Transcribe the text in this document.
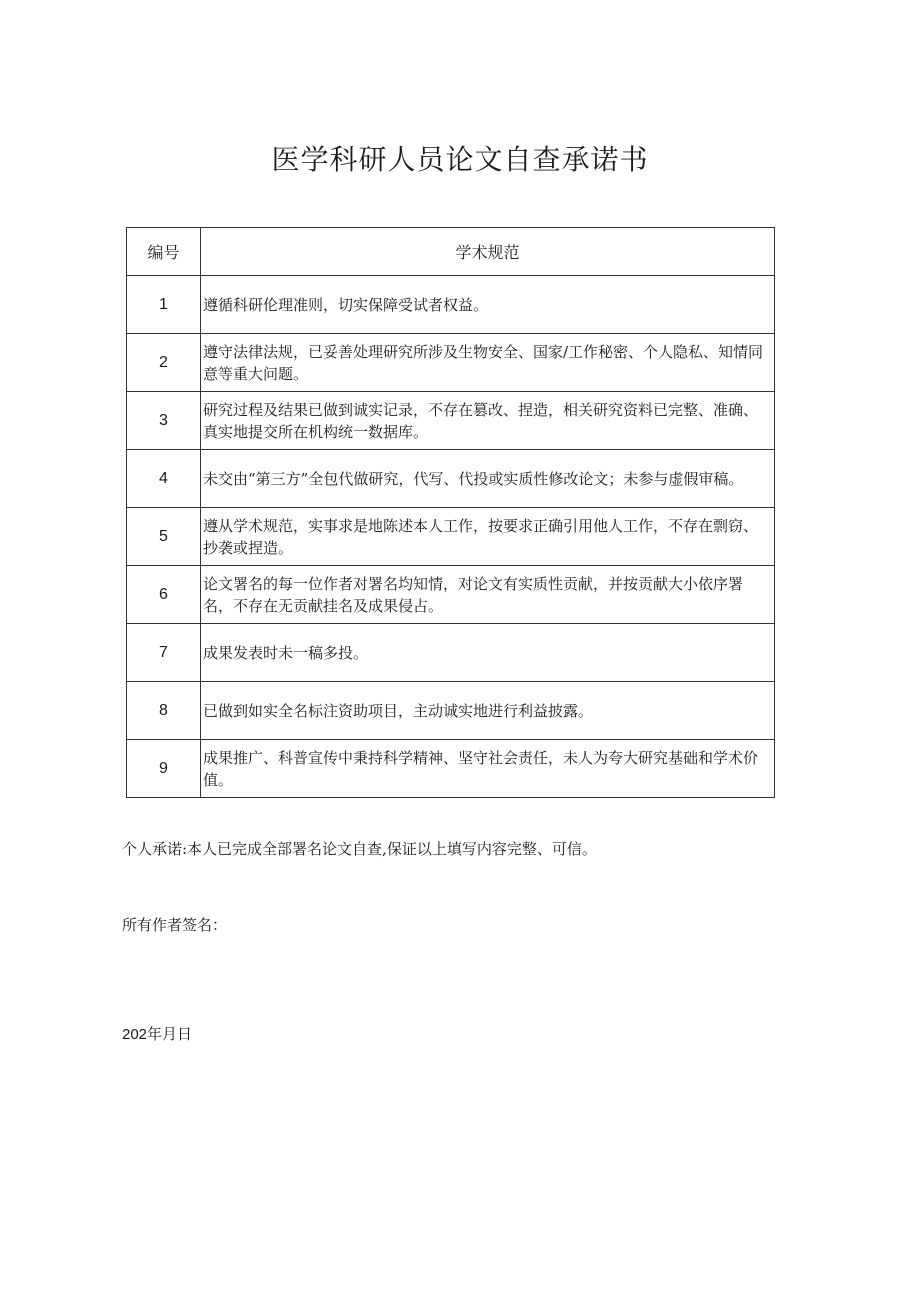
医学科研人员论文自查承诺书
编号	学术规范
1	遵循科研伦理准则，切实保障受试者权益。
2	遵守法律法规，已妥善处理研究所涉及生物安全、国家/工作秘密、个人隐私、知情同意等重大问题。
3	研究过程及结果已做到诚实记录，不存在篡改、捏造，相关研究资料已完整、准确、真实地提交所在机构统一数据库。
4	未交由“第三方”全包代做研究，代写、代投或实质性修改论文；未参与虚假审稿。
5	遵从学术规范，实事求是地陈述本人工作，按要求正确引用他人工作，不存在剽窃、抄袭或捏造。
6	论文署名的每一位作者对署名均知情，对论文有实质性贡献，并按贡献大小依序署名，不存在无贡献挂名及成果侵占。
7	成果发表时未一稿多投。
8	已做到如实全名标注资助项目，主动诚实地进行利益披露。
9	成果推广、科普宣传中秉持科学精神、坚守社会责任，未人为夸大研究基础和学术价值。

个人承诺:本人已完成全部署名论文自查,保证以上填写内容完整、可信。

所有作者签名：

202年月日
